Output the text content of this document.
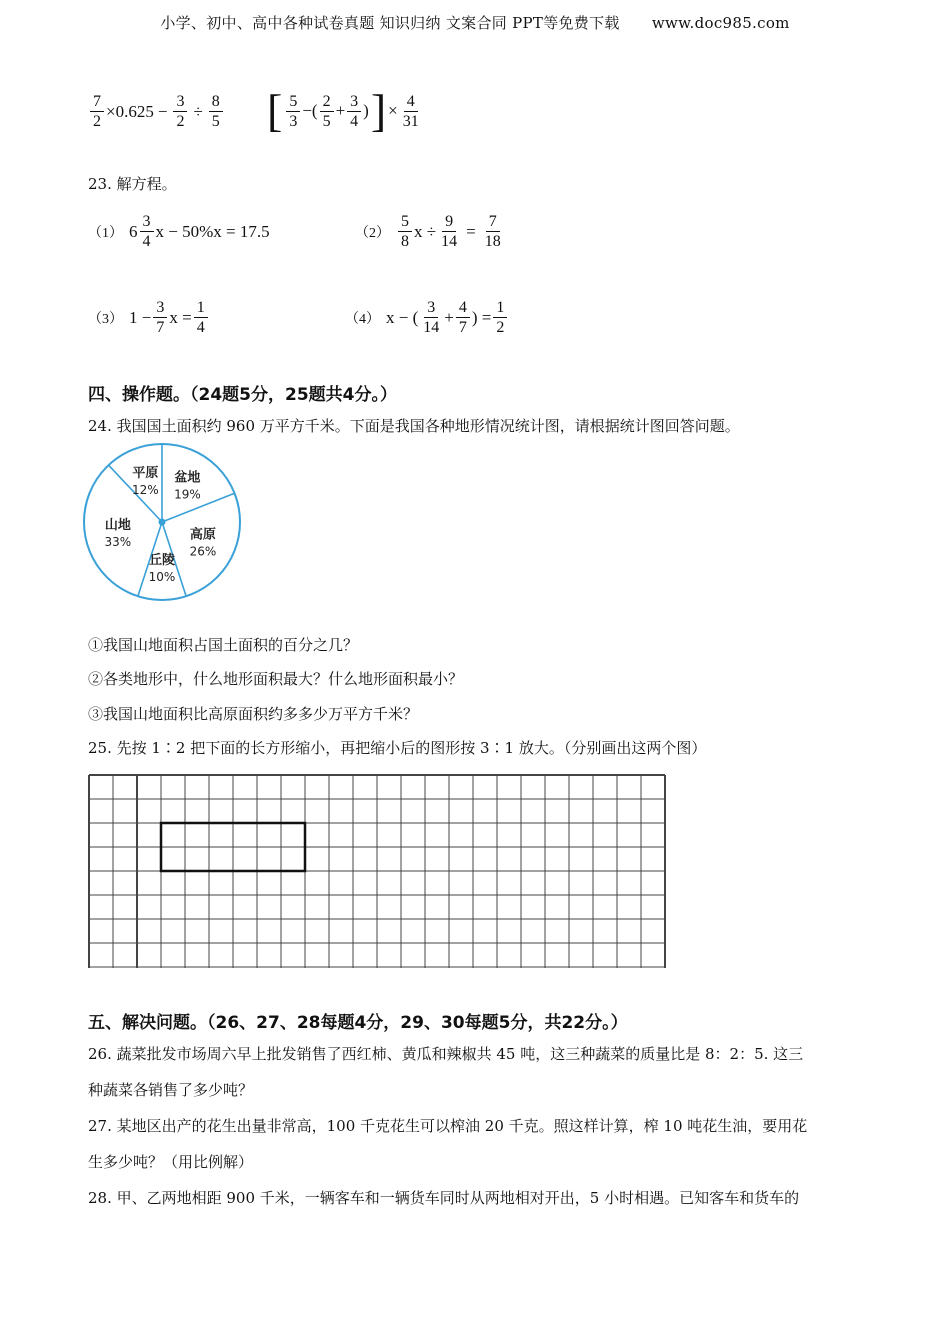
小学、初中、高中各种试卷真题 知识归纳 文案合同 PPT等免费下载 www.doc985.com
$\frac{7}{2} \times 0.625 - \frac{3}{2} \div \frac{8}{5}$ [ $\frac{5}{3}$ −( $\frac{2}{5} + \frac{3}{4}$ ) ] × $\frac{4}{31}$
23. 解方程。
（1） $6 \frac{3}{4}$ x − 50%x = 17.5	$(2) \frac{5}{8}$ $x \div \frac{9}{14} = \frac{7}{18}$
（3） $1 - \frac{3}{7}$ $x = \frac{1}{4}$	（4） x − ( $\frac{3}{14} + \frac{4}{7}$ ) = $\frac{1}{2}$
四、操作题。（24题5分，25题共4分。）
24. 我国国土面积约 960 万平方千米。下面是我国各种地形情况统计图，请根据统计图回答问题。
盆地
19%
高原
26%
丘陵
10%
山地
33%
平原
12%
①我国山地面积占国土面积的百分之几？
②各类地形中，什么地形面积最大？什么地形面积最小？
③我国山地面积比高原面积约多多少万平方千米？
25. 先按 1∶2 把下面的长方形缩小，再把缩小后的图形按 3∶1 放大。（分别画出这两个图）
五、解决问题。（26、27、28每题4分，29、30每题5分，共22分。）
26. 蔬菜批发市场周六早上批发销售了西红柿、黄瓜和辣椒共 45 吨，这三种蔬菜的质量比是 8：2：5. 这三
种蔬菜各销售了多少吨？
27. 某地区出产的花生出量非常高，100 千克花生可以榨油 20 千克。照这样计算，榨 10 吨花生油，要用花
生多少吨？（用比例解）
28. 甲、乙两地相距 900 千米，一辆客车和一辆货车同时从两地相对开出，5 小时相遇。已知客车和货车的
